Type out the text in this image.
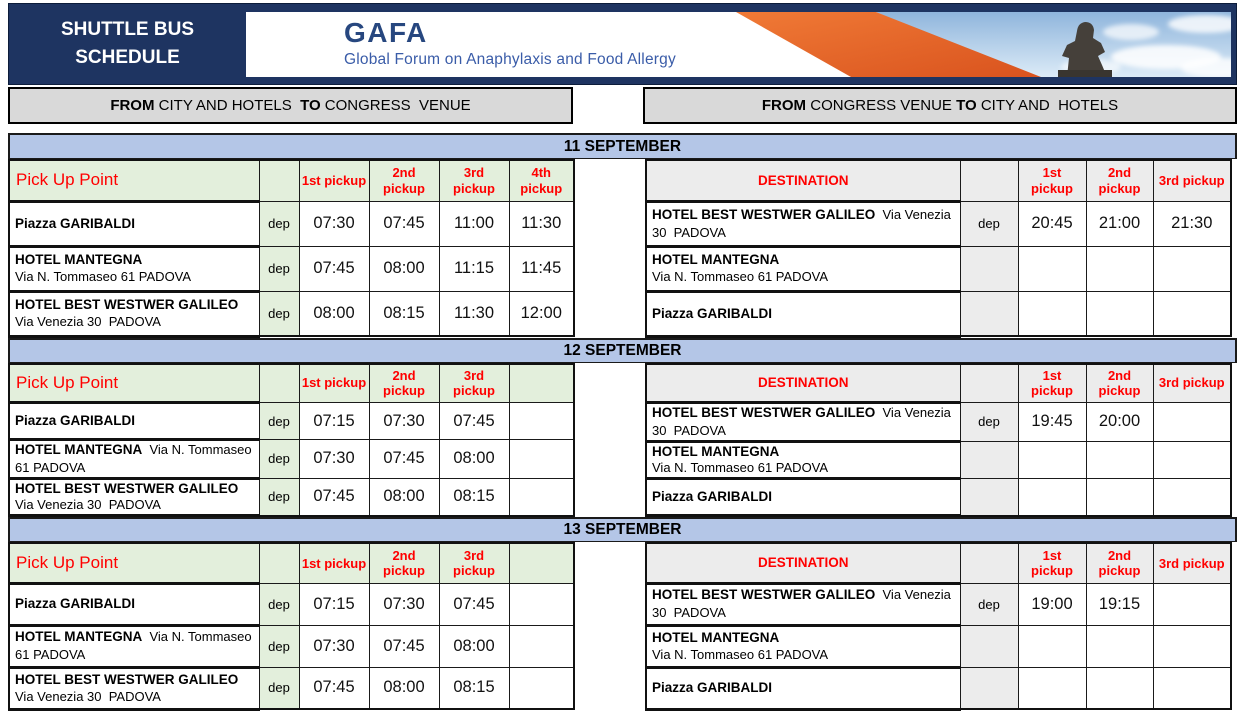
SHUTTLE BUS
SCHEDULE
GAFA
Global Forum on Anaphylaxis and Food Allergy
FROM CITY AND HOTELS TO CONGRESS  VENUE	FROM CONGRESS VENUE TO CITY AND  HOTELS
11 SEPTEMBER
Pick Up Point		1st pickup	2nd pickup	3rd pickup	4th pickup
Piazza GARIBALDI	dep	07:30	07:45	11:00	11:30
HOTEL MANTEGNA
Via N. Tommaseo 61 PADOVA	dep	07:45	08:00	11:15	11:45
HOTEL BEST WESTWER GALILEO
Via Venezia 30  PADOVA	dep	08:00	08:15	11:30	12:00
DESTINATION		1st pickup	2nd pickup	3rd pickup
HOTEL BEST WESTWER GALILEO  Via Venezia 30  PADOVA	dep	20:45	21:00	21:30
HOTEL MANTEGNA
Via N. Tommaseo 61 PADOVA				

Piazza GARIBALDI				
12 SEPTEMBER
Pick Up Point		1st pickup	2nd pickup	3rd pickup	
Piazza GARIBALDI	dep	07:15	07:30	07:45	
HOTEL MANTEGNA  Via N. Tommaseo 61 PADOVA	dep	07:30	07:45	08:00	
HOTEL BEST WESTWER GALILEO
Via Venezia 30  PADOVA	dep	07:45	08:00	08:15	
DESTINATION		1st pickup	2nd pickup	3rd pickup
HOTEL BEST WESTWER GALILEO  Via Venezia 30  PADOVA	dep	19:45	20:00	
HOTEL MANTEGNA
Via N. Tommaseo 61 PADOVA				

Piazza GARIBALDI				
13 SEPTEMBER
Pick Up Point		1st pickup	2nd pickup	3rd pickup	
Piazza GARIBALDI	dep	07:15	07:30	07:45	
HOTEL MANTEGNA  Via N. Tommaseo 61 PADOVA	dep	07:30	07:45	08:00	
HOTEL BEST WESTWER GALILEO
Via Venezia 30  PADOVA	dep	07:45	08:00	08:15	
DESTINATION		1st pickup	2nd pickup	3rd pickup
HOTEL BEST WESTWER GALILEO  Via Venezia 30  PADOVA	dep	19:00	19:15	
HOTEL MANTEGNA
Via N. Tommaseo 61 PADOVA				

Piazza GARIBALDI				
